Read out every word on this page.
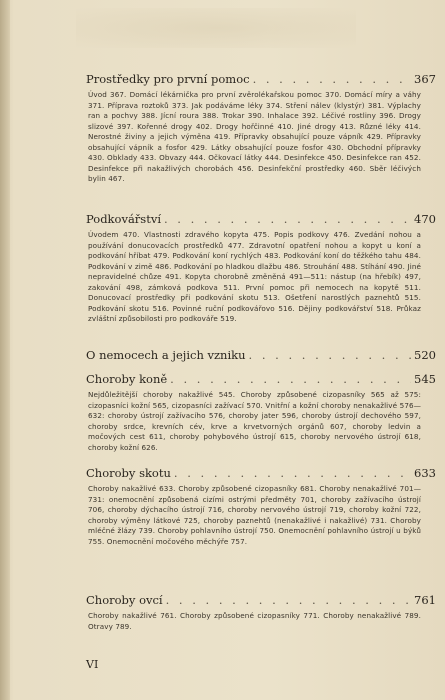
Prostředky pro první pomoc . . .	367
Úvod 367. Domácí lékárnička pro první zvěrolékařskou pomoc 370. Domácí míry a váhy 371. Příprava roztoků 373. Jak podáváme léky 374. Stření nálev (klystýr) 381. Výplachy ran a pochvy 388. Jícní roura 388. Trokar 390. Inhalace 392. Léčivé rostliny 396. Drogy slizové 397. Kořenné drogy 402. Drogy hořčinné 410. Jiné drogy 413. Různé léky 414. Nerostné živiny a jejich výměna 419. Přípravky obsahující pouze vápník 429. Přípravky obsahující vápník a fosfor 429. Látky obsahující pouze fosfor 430. Obchodní přípravky 430. Obklady 433. Obvazy 444. Očkovací látky 444. Desinfekce 450. Desinfekce ran 452. Desinfekce při nakažlivých chorobách 456. Desinfekční prostředky 460. Sběr léčivých bylin 467.
Podkovářství . . .	470
Úvodem 470. Vlastnosti zdravého kopyta 475. Popis podkovy 476. Zvedání nohou a používání donucovacích prostředků 477. Zdravotní opatření nohou a kopyt u koní a podkování hříbat 479. Podkování koní rychlých 483. Podkování koní do těžkého tahu 484. Podkování v zimě 486. Podkování po hladkou dlažbu 486. Strouhání 488. Stíhání 490. Jiné nepravidelné chůze 491. Kopyta chorobně změněná 491—511: nástup (na hřebík) 497, zakování 498, zámková podkova 511. První pomoc při nemocech na kopytě 511. Donucovací prostředky při podkování skotu 513. Ošetření narostlých paznehtů 515. Podkování skotu 516. Povinné ruční podkovářovo 516. Dějiny podkovářství 518. Průkaz zvláštní způsobilosti pro podkováře 519.
O nemocech a jejich vzniku . . .	520
Choroby koně . . .	545
Nejdůležitější choroby nakažlivé 545. Choroby způsobené cizopasníky 565 až 575: cizopasníci kožní 565, cizopasníci zažívací 570. Vnitřní a kožní choroby nenakažlivé 576—632: choroby ústrojí zažívacího 576, choroby jater 596, choroby ústrojí dechového 597, choroby srdce, krevních cév, krve a krvetvorných orgánů 607, choroby ledvin a močových cest 611, choroby pohybového ústrojí 615, choroby nervového ústrojí 618, choroby kožní 626.
Choroby skotu . . .	633
Choroby nakažlivé 633. Choroby způsobené cizopasníky 681. Choroby nenakažlivé 701—731: onemocnění způsobená cizími ostrými předměty 701, choroby zažívacího ústrojí 706, choroby dýchacího ústrojí 716, choroby nervového ústrojí 719, choroby kožní 722, choroby výměny látkové 725, choroby paznehtů (nenakažlivé i nakažlivé) 731. Choroby mléčné žlázy 739. Choroby pohlavního ústrojí 750. Onemocnění pohlavního ústrojí u býků 755. Onemocnění močového měchýře 757.
Choroby ovcí . . .	761
Choroby nakažlivé 761. Choroby způsobené cizopasníky 771. Choroby nenakažlivé 789. Otravy 789.
VI
